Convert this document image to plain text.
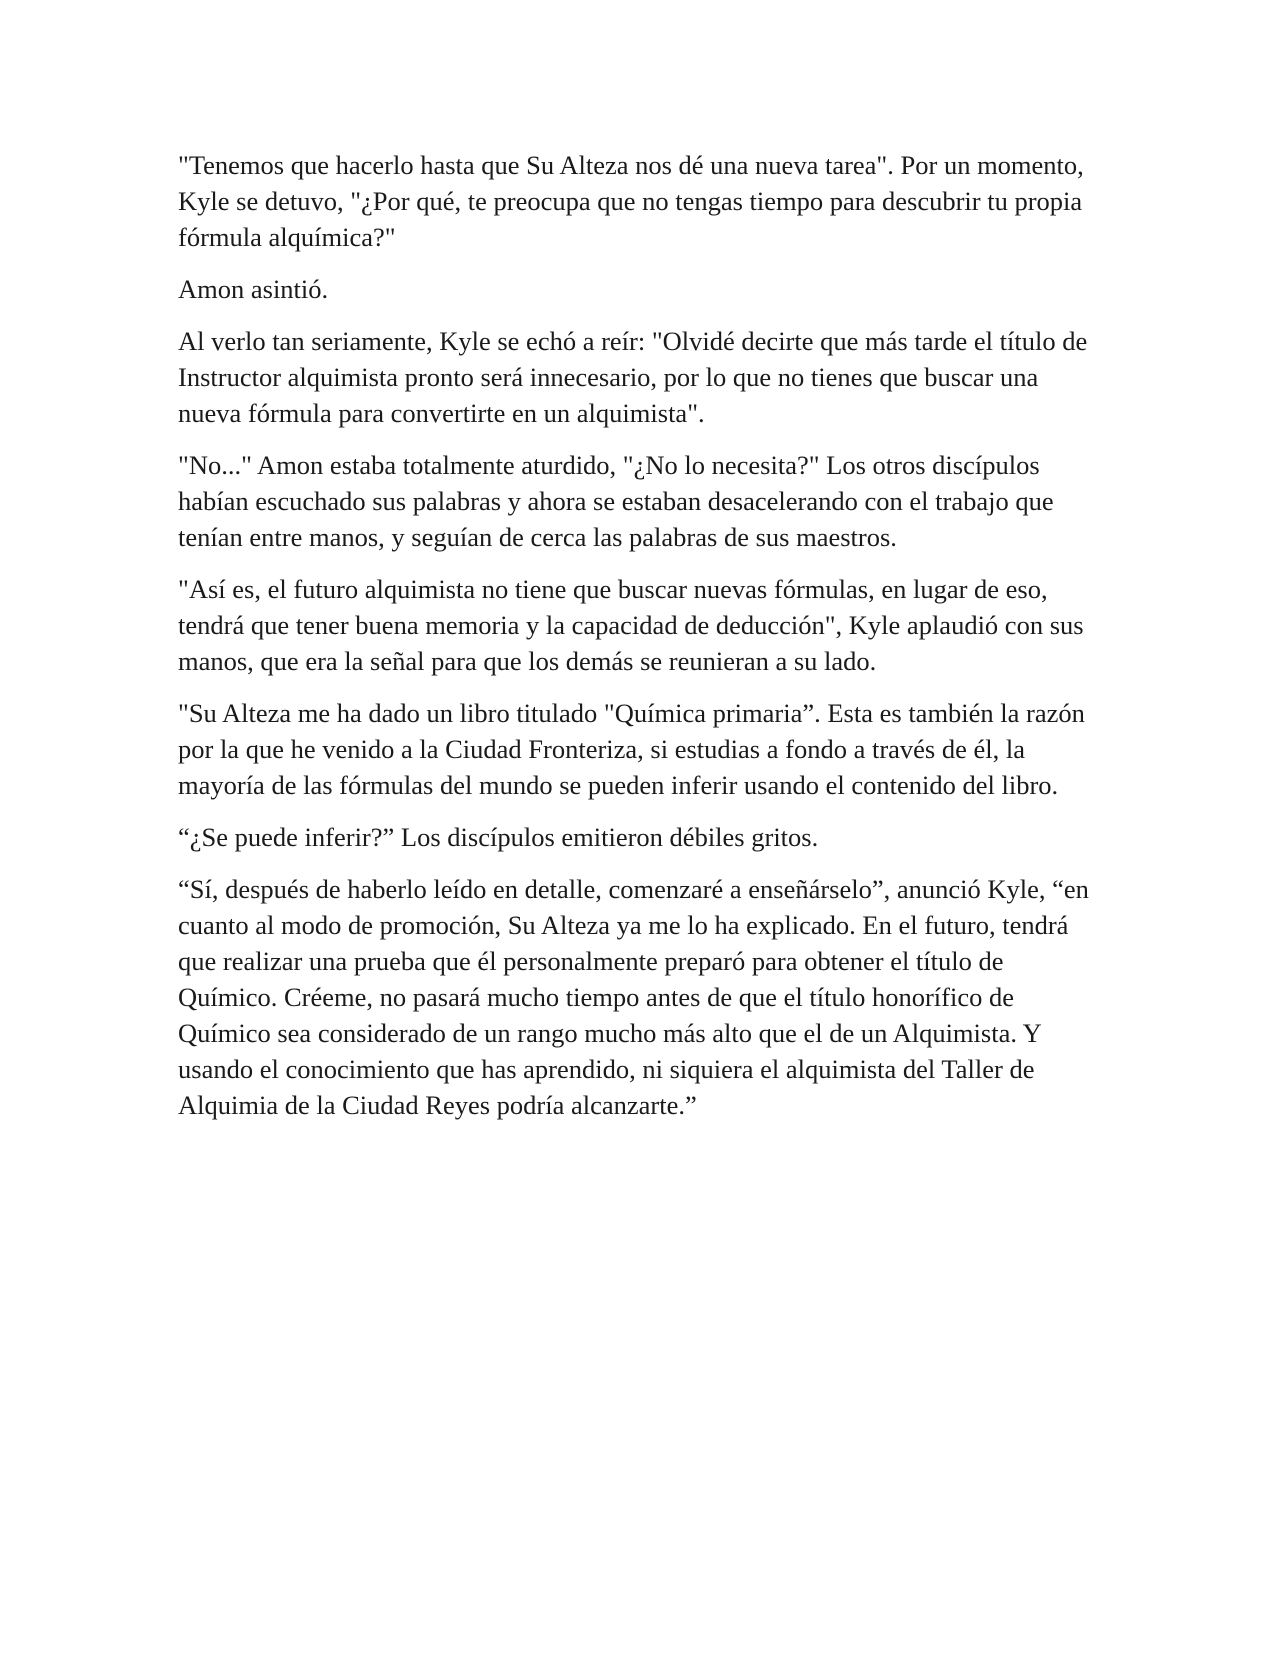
"Tenemos que hacerlo hasta que Su Alteza nos dé una nueva tarea". Por un momento, Kyle se detuvo, "¿Por qué, te preocupa que no tengas tiempo para descubrir tu propia fórmula alquímica?"

Amon asintió.

Al verlo tan seriamente, Kyle se echó a reír: "Olvidé decirte que más tarde el título de Instructor alquimista pronto será innecesario, por lo que no tienes que buscar una nueva fórmula para convertirte en un alquimista".

"No..." Amon estaba totalmente aturdido, "¿No lo necesita?" Los otros discípulos habían escuchado sus palabras y ahora se estaban desacelerando con el trabajo que tenían entre manos, y seguían de cerca las palabras de sus maestros.

"Así es, el futuro alquimista no tiene que buscar nuevas fórmulas, en lugar de eso, tendrá que tener buena memoria y la capacidad de deducción", Kyle aplaudió con sus manos, que era la señal para que los demás se reunieran a su lado.

"Su Alteza me ha dado un libro titulado "Química primaria”. Esta es también la razón por la que he venido a la Ciudad Fronteriza, si estudias a fondo a través de él, la mayoría de las fórmulas del mundo se pueden inferir usando el contenido del libro.

“¿Se puede inferir?” Los discípulos emitieron débiles gritos.

“Sí, después de haberlo leído en detalle, comenzaré a enseñárselo”, anunció Kyle, “en cuanto al modo de promoción, Su Alteza ya me lo ha explicado. En el futuro, tendrá que realizar una prueba que él personalmente preparó para obtener el título de Químico. Créeme, no pasará mucho tiempo antes de que el título honorífico de Químico sea considerado de un rango mucho más alto que el de un Alquimista. Y usando el conocimiento que has aprendido, ni siquiera el alquimista del Taller de Alquimia de la Ciudad Reyes podría alcanzarte.”
